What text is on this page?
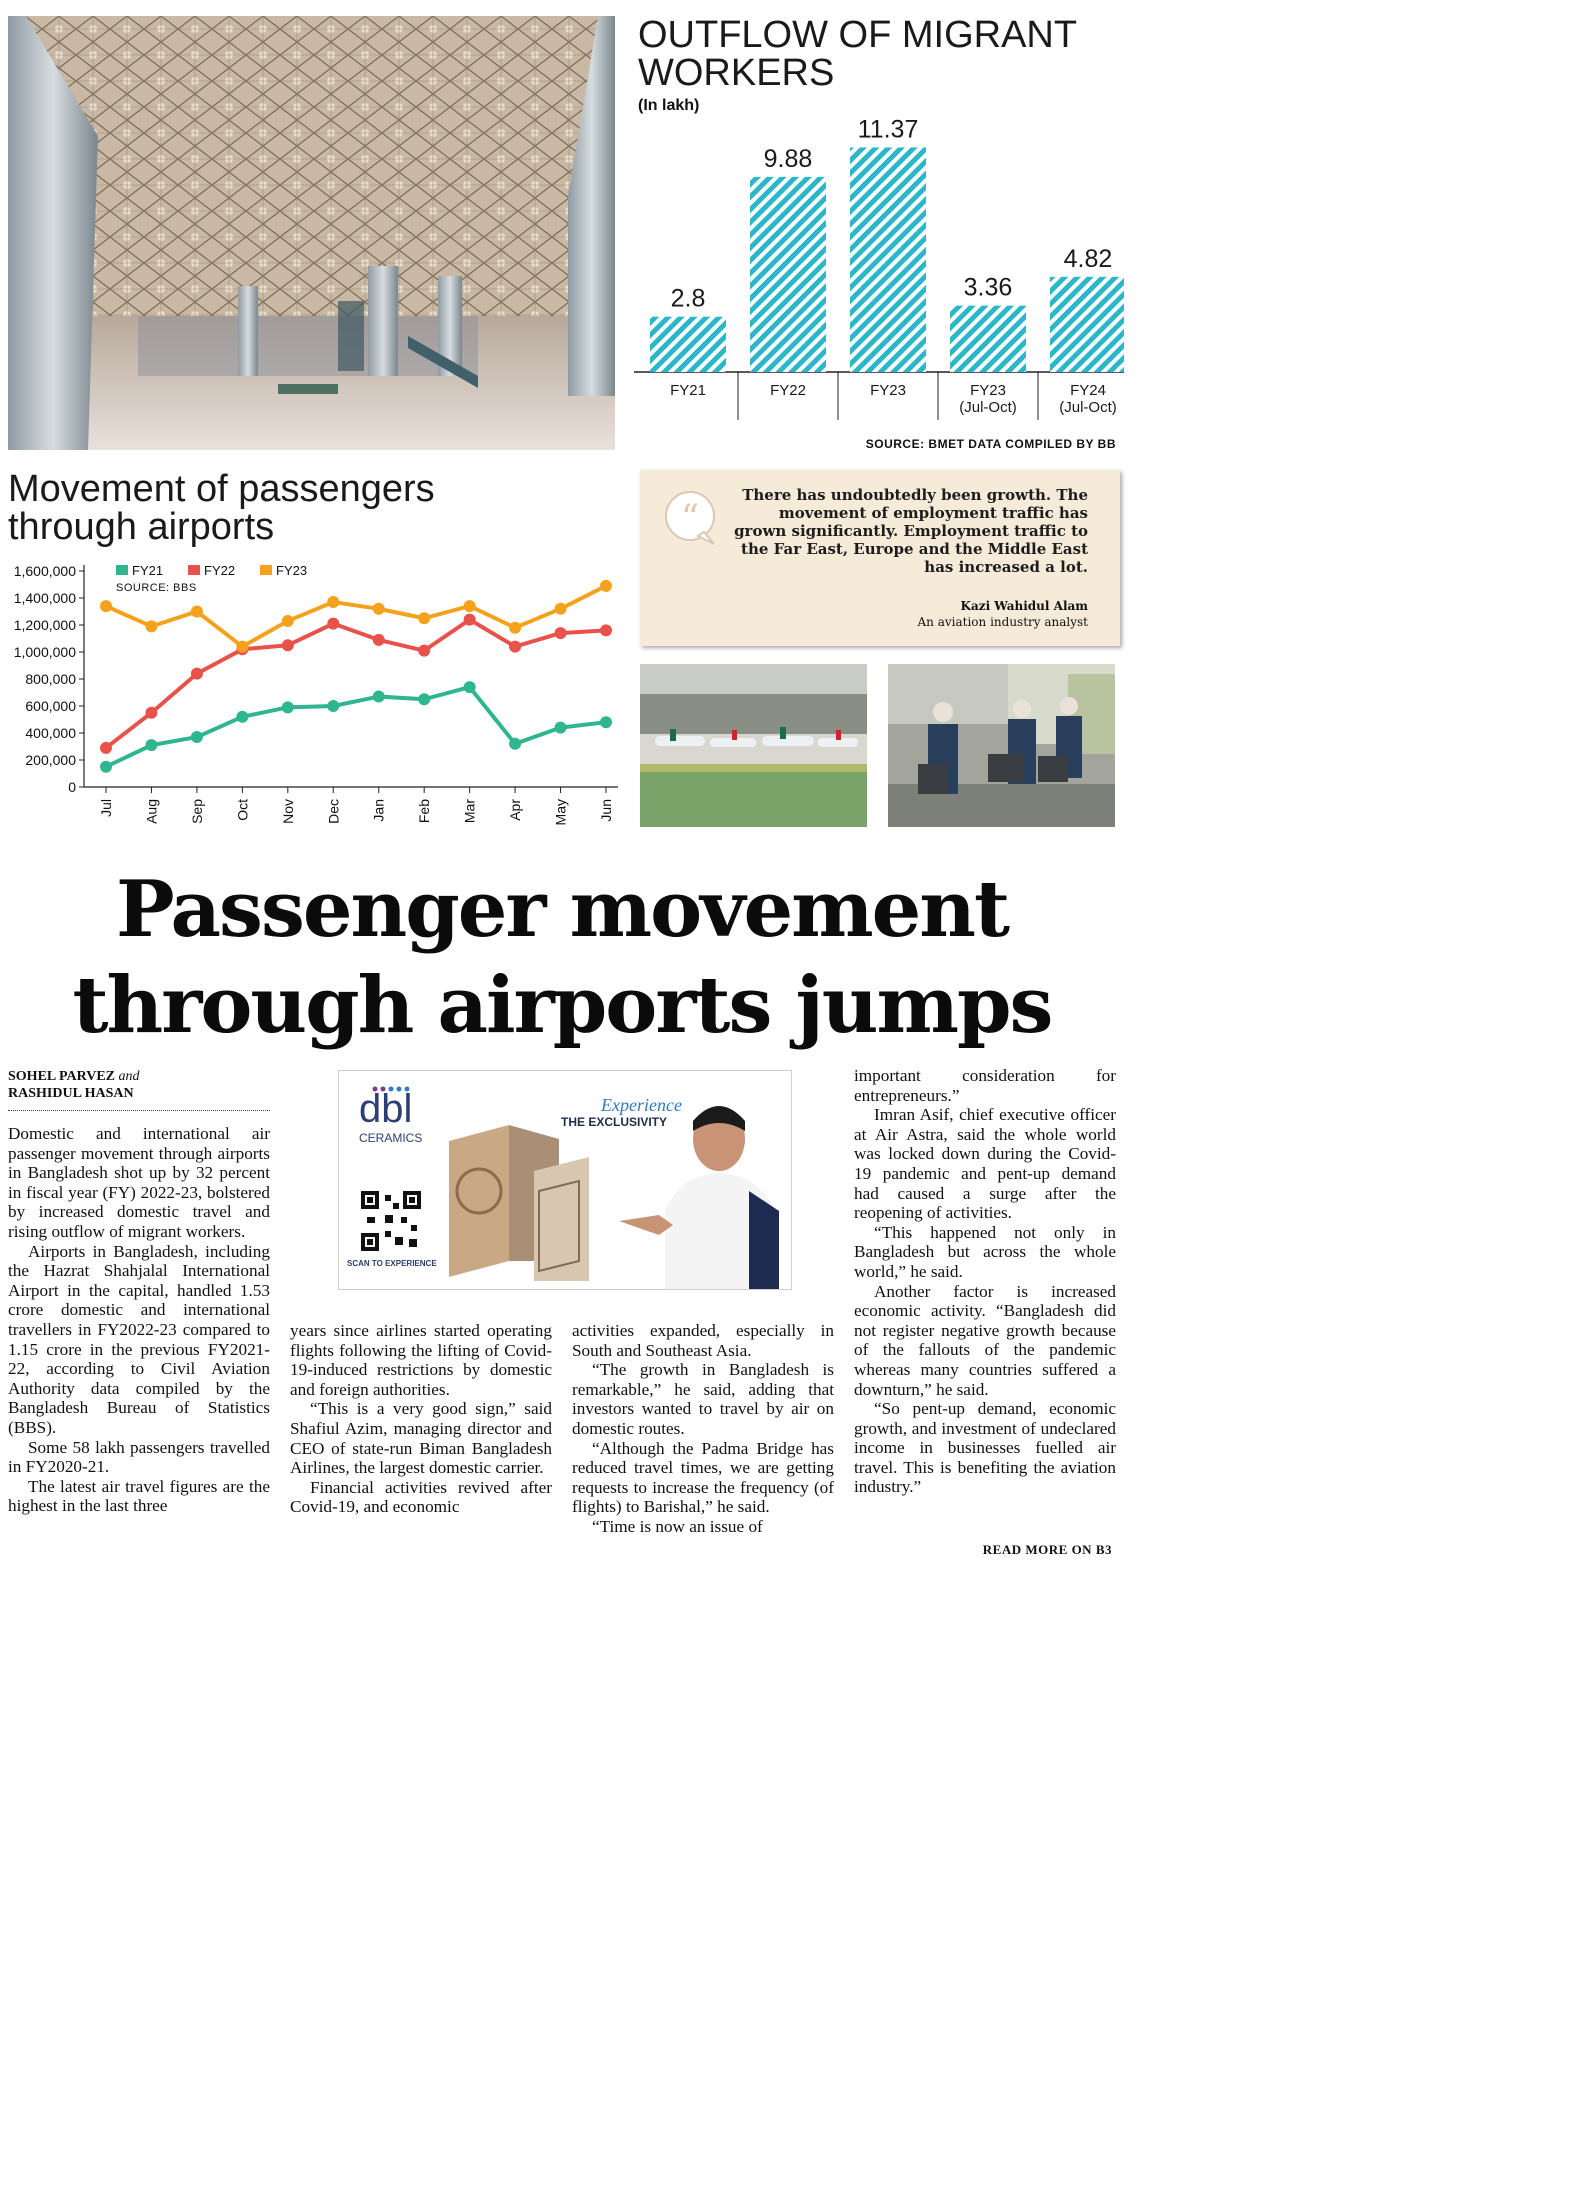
OUTFLOW OF MIGRANT WORKERS
(In lakh)
2.8
FY21
9.88
FY22
11.37
FY23
3.36
FY23
(Jul-Oct)
4.82
FY24
(Jul-Oct)
SOURCE: BMET DATA COMPILED BY BB
Movement of passengers
through airports
0
200,000
400,000
600,000
800,000
1,000,000
1,200,000
1,400,000
1,600,000
Jul Aug Sep Oct Nov Dec Jan Feb Mar Apr May Jun
FY21	FY22	FY23
SOURCE: BBS
“
There has undoubtedly been growth. The movement of employment traffic has grown significantly. Employment traffic to the Far East, Europe and the Middle East has increased a lot.
Kazi Wahidul Alam
An aviation industry analyst
Passenger movement
through airports jumps
SOHEL PARVEZ and
RASHIDUL HASAN

Domestic and international air passenger movement through airports in Bangladesh shot up by 32 percent in fiscal year (FY) 2022-23, bolstered by increased domestic travel and rising outflow of migrant workers.

Airports in Bangladesh, including the Hazrat Shahjalal International Airport in the capital, handled 1.53 crore domestic and international travellers in FY2022-23 compared to 1.15 crore in the previous FY2021-22, according to Civil Aviation Authority data compiled by the Bangladesh Bureau of Statistics (BBS).

Some 58 lakh passengers travelled in FY2020-21.

The latest air travel figures are the highest in the last three

years since airlines started operating flights following the lifting of Covid-19-induced restrictions by domestic and foreign authorities.

“This is a very good sign,” said Shafiul Azim, managing director and CEO of state-run Biman Bangladesh Airlines, the largest domestic carrier.

Financial activities revived after Covid-19, and economic

activities expanded, especially in South and Southeast Asia.

“The growth in Bangladesh is remarkable,” he said, adding that investors wanted to travel by air on domestic routes.

“Although the Padma Bridge has reduced travel times, we are getting requests to increase the frequency (of flights) to Barishal,” he said.

“Time is now an issue of

important consideration for entrepreneurs.”

Imran Asif, chief executive officer at Air Astra, said the whole world was locked down during the Covid-19 pandemic and pent-up demand had caused a surge after the reopening of activities.

“This happened not only in Bangladesh but across the whole world,” he said.

Another factor is increased economic activity. “Bangladesh did not register negative growth because of the fallouts of the pandemic whereas many countries suffered a downturn,” he said.

“So pent-up demand, economic growth, and investment of undeclared income in businesses fuelled air travel. This is benefiting the aviation industry.”

READ MORE ON B3
dbl
CERAMICS
SCAN TO EXPERIENCE
Experience
THE EXCLUSIVITY
